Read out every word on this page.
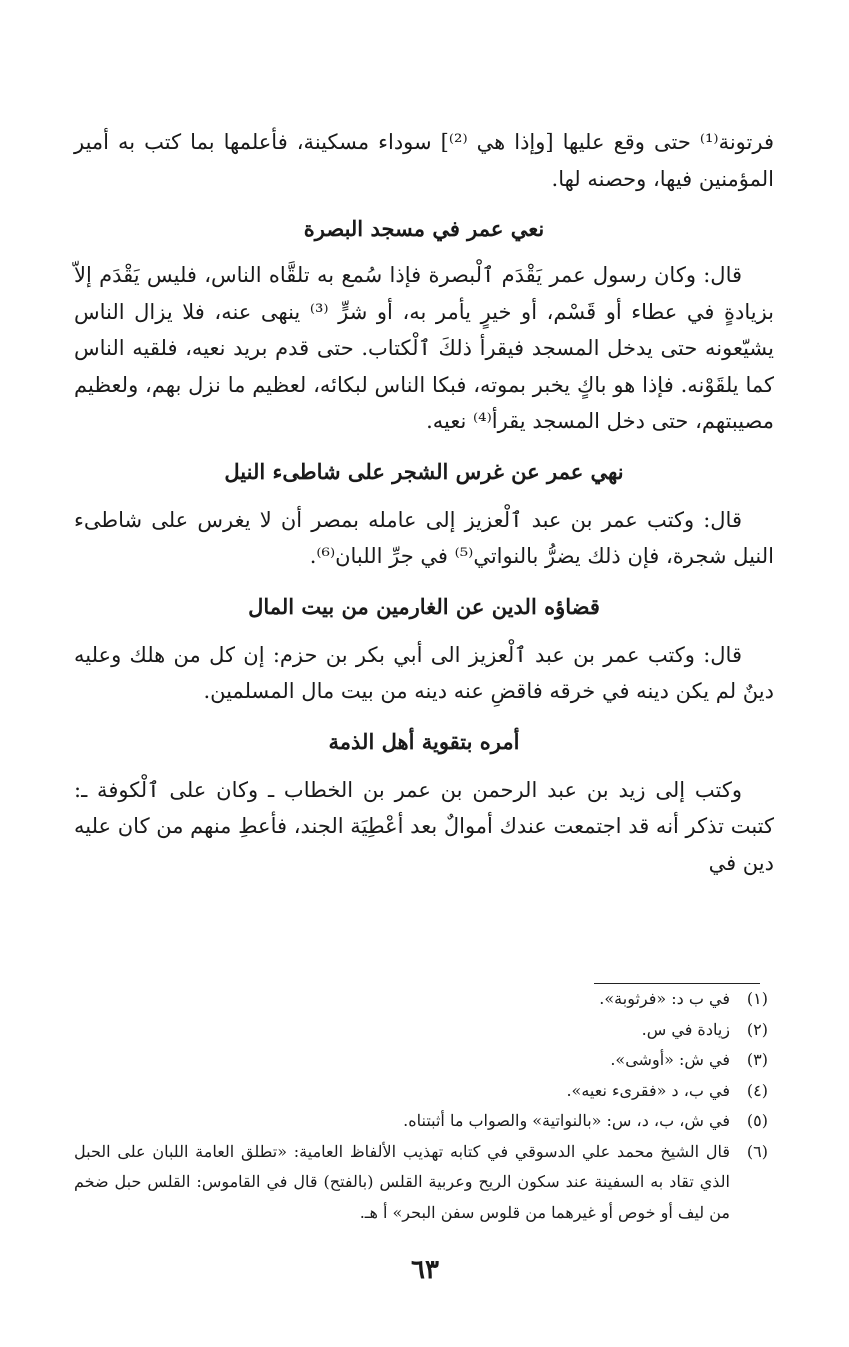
فرتونة⁽¹⁾ حتى وقع عليها [وإذا هي ⁽²⁾] سوداء مسكينة، فأعلمها بما كتب به أمير المؤمنين فيها، وحصنه لها.

نعي عمر في مسجد البصرة

قال: وكان رسول عمر يَقْدَم ٱلْبصرة فإذا سُمع به تلقَّاه الناس، فليس يَقْدَم إلاّ بزيادةٍ في عطاء أو قَسْم، أو خيرٍ يأمر به، أو شرٍّ ⁽³⁾ ينهى عنه، فلا يزال الناس يشيّعونه حتى يدخل المسجد فيقرأ ذلكَ ٱلْكتاب. حتى قدم بريد نعيه، فلقيه الناس كما يلقَوْنه. فإذا هو باكٍ يخبر بموته، فبكا الناس لبكائه، لعظيم ما نزل بهم، ولعظيم مصيبتهم، حتى دخل المسجد يقرأ⁽⁴⁾ نعيه.

نهي عمر عن غرس الشجر على شاطىء النيل

قال: وكتب عمر بن عبد ٱلْعزيز إلى عامله بمصر أن لا يغرس على شاطىء النيل شجرة، فإن ذلك يضرُّ بالنواتي⁽⁵⁾ في جرِّ اللبان⁽⁶⁾.

قضاؤه الدين عن الغارمين من بيت المال

قال: وكتب عمر بن عبد ٱلْعزيز الى أبي بكر بن حزم: إن كل من هلك وعليه دينٌ لم يكن دينه في خرقه فاقضِ عنه دينه من بيت مال المسلمين.

أمره بتقوية أهل الذمة

وكتب إلى زيد بن عبد الرحمن بن عمر بن الخطاب ـ وكان على ٱلْكوفة ـ: كتبت تذكر أنه قد اجتمعت عندك أموالٌ بعد أعْطِيَة الجند، فأعطِ منهم من كان عليه دين في

(١)
في ب د: «فرثوبة».
(٢)
زيادة في س.
(٣)
في ش: «أوشى».
(٤)
في ب، د «فقرىء نعيه».
(٥)
في ش، ب، د، س: «بالنواتية» والصواب ما أثبتناه.
(٦)
قال الشيخ محمد علي الدسوقي في كتابه تهذيب الألفاظ العامية: «تطلق العامة اللبان على الحبل الذي تقاد به السفينة عند سكون الريح وعربية القلس (بالفتح) قال في القاموس: القلس حبل ضخم من ليف أو خوص أو غيرهما من قلوس سفن البحر» أ هـ.
٦٣
